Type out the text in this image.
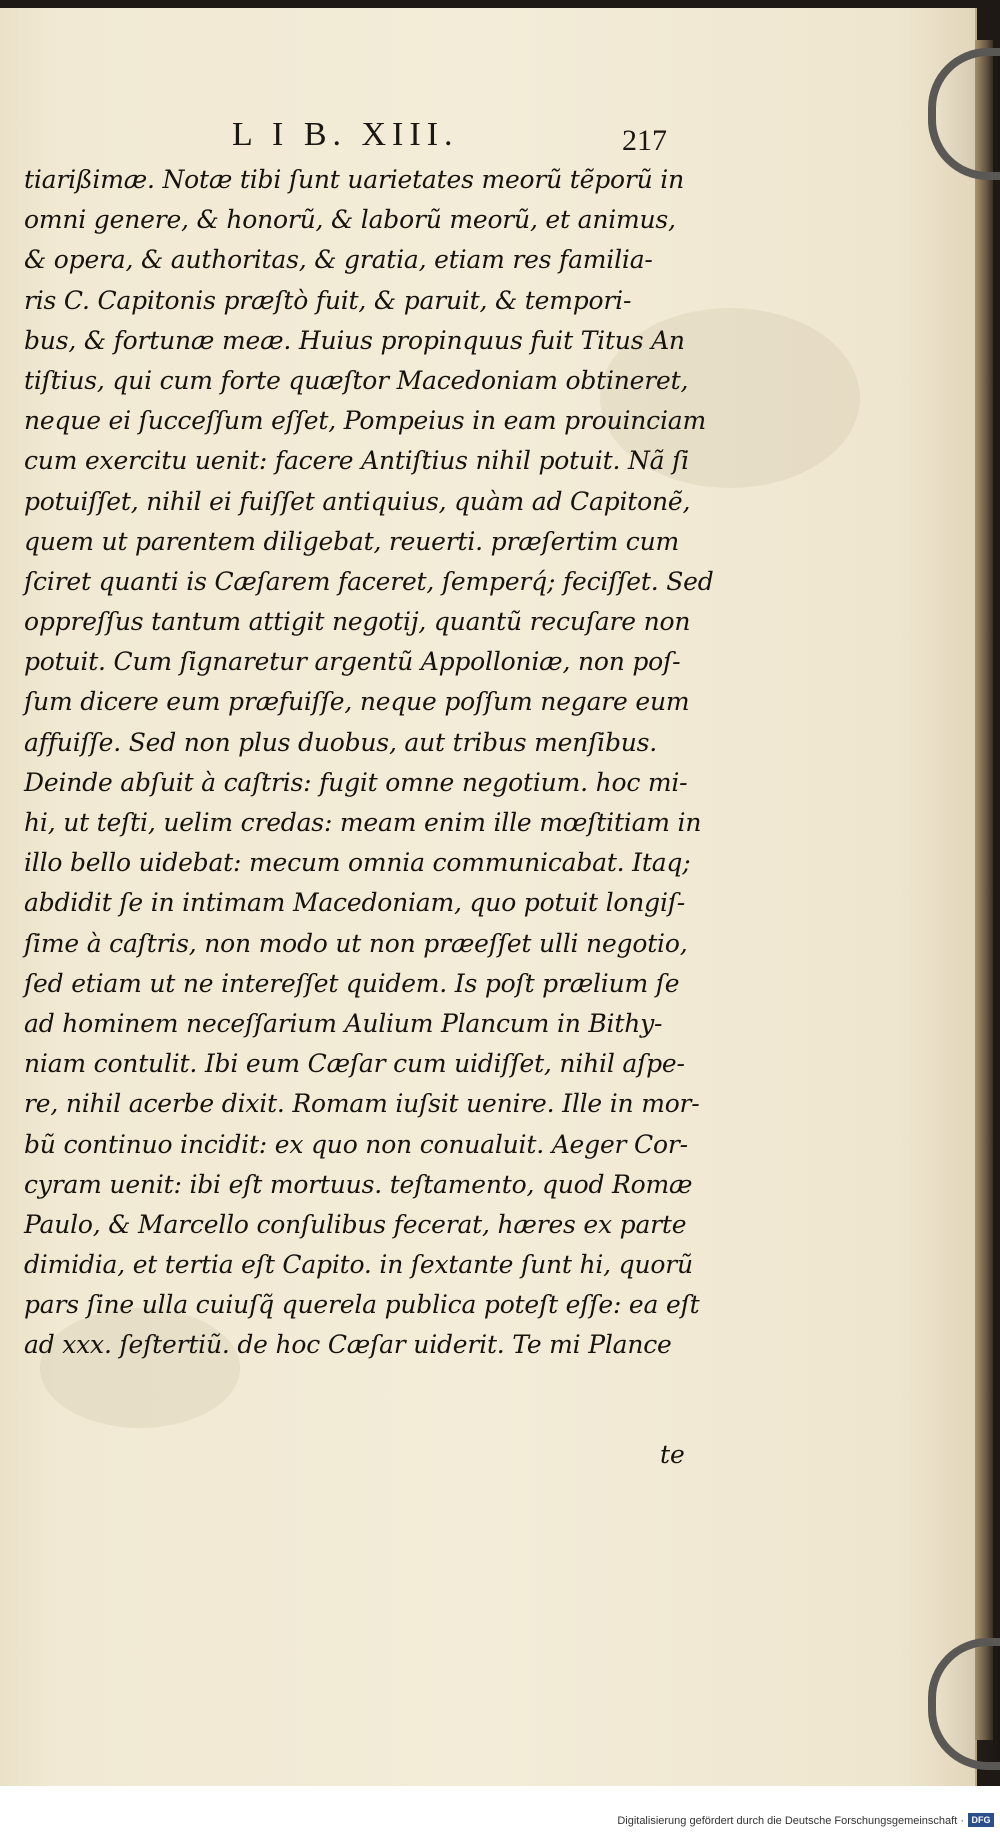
L I B. XIII.	217
tiarißimæ. Notæ tibi ſunt uarietates meorũ tẽporũ in
omni genere, & honorũ, & laborũ meorũ, et animus,
& opera, & authoritas, & gratia, etiam res familia-
ris C. Capitonis præſtò fuit, & paruit, & tempori-
bus, & fortunæ meæ. Huius propinquus fuit Titus An
tiſtius, qui cum forte quæſtor Macedoniam obtineret,
neque ei ſucceſſum eſſet, Pompeius in eam prouinciam
cum exercitu uenit: facere Antiſtius nihil potuit. Nã ſi
potuiſſet, nihil ei fuiſſet antiquius, quàm ad Capitonẽ,
quem ut parentem diligebat, reuerti. præſertim cum
ſciret quanti is Cæſarem faceret, ſemperq́; feciſſet. Sed
oppreſſus tantum attigit negotij, quantũ recuſare non
potuit. Cum ſignaretur argentũ Appolloniæ, non poſ-
ſum dicere eum præfuiſſe, neque poſſum negare eum
affuiſſe. Sed non plus duobus, aut tribus menſibus.
Deinde abſuit à caſtris: fugit omne negotium. hoc mi-
hi, ut teſti, uelim credas: meam enim ille mœſtitiam in
illo bello uidebat: mecum omnia communicabat. Itaq;
abdidit ſe in intimam Macedoniam, quo potuit longiſ-
ſime à caſtris, non modo ut non præeſſet ulli negotio,
ſed etiam ut ne intereſſet quidem. Is poſt prælium ſe
ad hominem neceſſarium Aulium Plancum in Bithy-
niam contulit. Ibi eum Cæſar cum uidiſſet, nihil aſpe-
re, nihil acerbe dixit. Romam iuſsit uenire. Ille in mor-
bũ continuo incidit: ex quo non conualuit. Aeger Cor-
cyram uenit: ibi eſt mortuus. teſtamento, quod Romæ
Paulo, & Marcello conſulibus fecerat, hæres ex parte
dimidia, et tertia eſt Capito. in ſextante ſunt hi, quorũ
pars ſine ulla cuiuſq̃ querela publica poteſt eſſe: ea eſt
ad xxx. ſeſtertiũ. de hoc Cæſar uiderit. Te mi Plance
te
Digitalisierung gefördert durch die Deutsche Forschungsgemeinschaft · DFG
